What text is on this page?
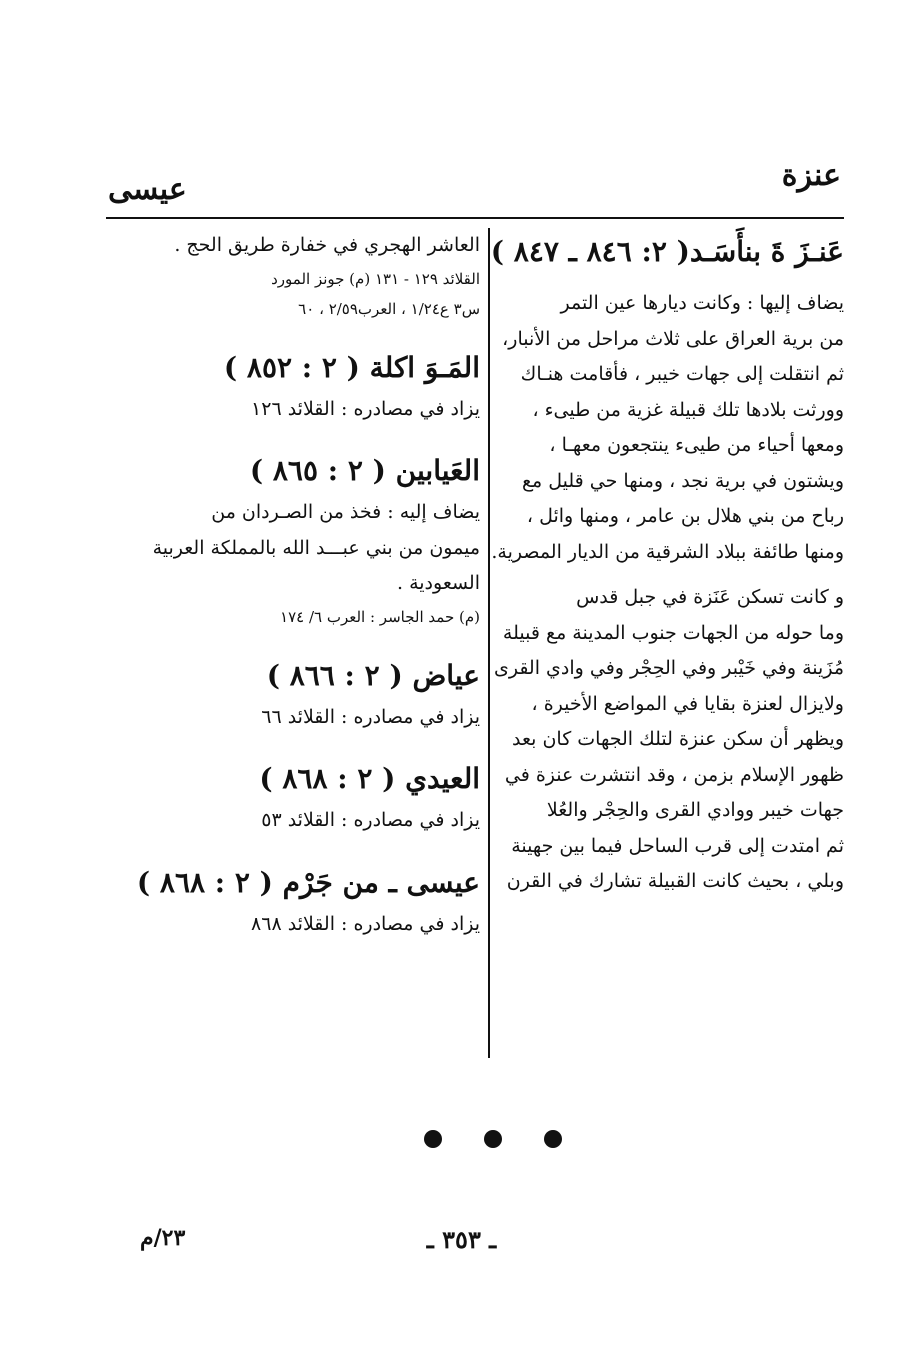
عنزة
عيسى
عَنـزَ ةَ بنأَسَـد( ٢: ٨٤٦ ـ ٨٤٧ )
يضاف إليها : وكانت ديارها عين التمر
من برية العراق على ثلاث مراحل من الأنبار،
ثم انتقلت إلى جهات خيبر ، فأقامت هنـاك
وورثت بلادها تلك قبيلة غزية من طيىء ،
ومعها أحياء من طيىء ينتجعون معهـا ،
ويشتون في برية نجد ، ومنها حي قليل مع
رباح من بني هلال بن عامر ، ومنها وائل ،
ومنها طائفة ببلاد الشرقية من الديار المصرية.
و كانت تسكن عَنَزة في جبل قدس
وما حوله من الجهات جنوب المدينة مع قبيلة
مُزَينة وفي خَيْبر وفي الحِجْر وفي وادي القرى
ولايزال لعنزة بقايا في المواضع الأخيرة ،
ويظهر أن سكن عنزة لتلك الجهات كان بعد
ظهور الإسلام بزمن ، وقد انتشرت عنزة في
جهات خيبر ووادي القرى والحِجْر والعُلا
ثم امتدت إلى قرب الساحل فيما بين جهينة
وبلي ، بحيث كانت القبيلة تشارك في القرن
العاشر الهجري في خفارة طريق الحج .
القلائد ١٢٩ - ١٣١ (م) جونز المورد
س٣ ع١/٢٤ ، العرب٢/٥٩ ، ٦٠
المَـوَ اكلة ( ٢ : ٨٥٢ )
يزاد في مصادره : القلائد ١٢٦
العَيابين ( ٢ : ٨٦٥ )
يضاف إليه : فخذ من الصـردان من
ميمون من بني عبـــد الله بالمملكة العربية
السعودية .
(م) حمد الجاسر : العرب ٦/ ١٧٤
عياض ( ٢ : ٨٦٦ )
يزاد في مصادره : القلائد ٦٦
العيدي ( ٢ : ٨٦٨ )
يزاد في مصادره : القلائد ٥٣
عيسى ـ من جَرْم ( ٢ : ٨٦٨ )
يزاد في مصادره : القلائد ٨٦٨
ـ ٣٥٣ ـ
٢٣/م
